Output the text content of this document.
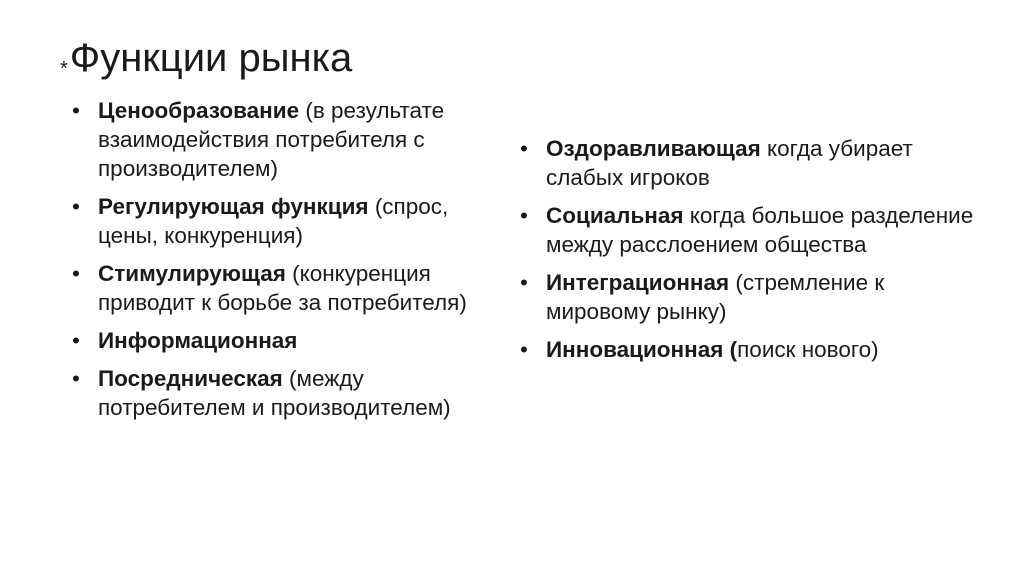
*Функции рынка
• Ценообразование (в результате взаимодействия потребителя с производителем)
• Регулирующая функция (спрос, цены, конкуренция)
• Стимулирующая (конкуренция приводит к борьбе за потребителя)
• Информационная
• Посредническая (между потребителем и производителем)
• Оздоравливающая когда убирает слабых игроков
• Социальная когда большое разделение между расслоением общества
• Интеграционная (стремление к мировому рынку)
• Инновационная (поиск нового)
